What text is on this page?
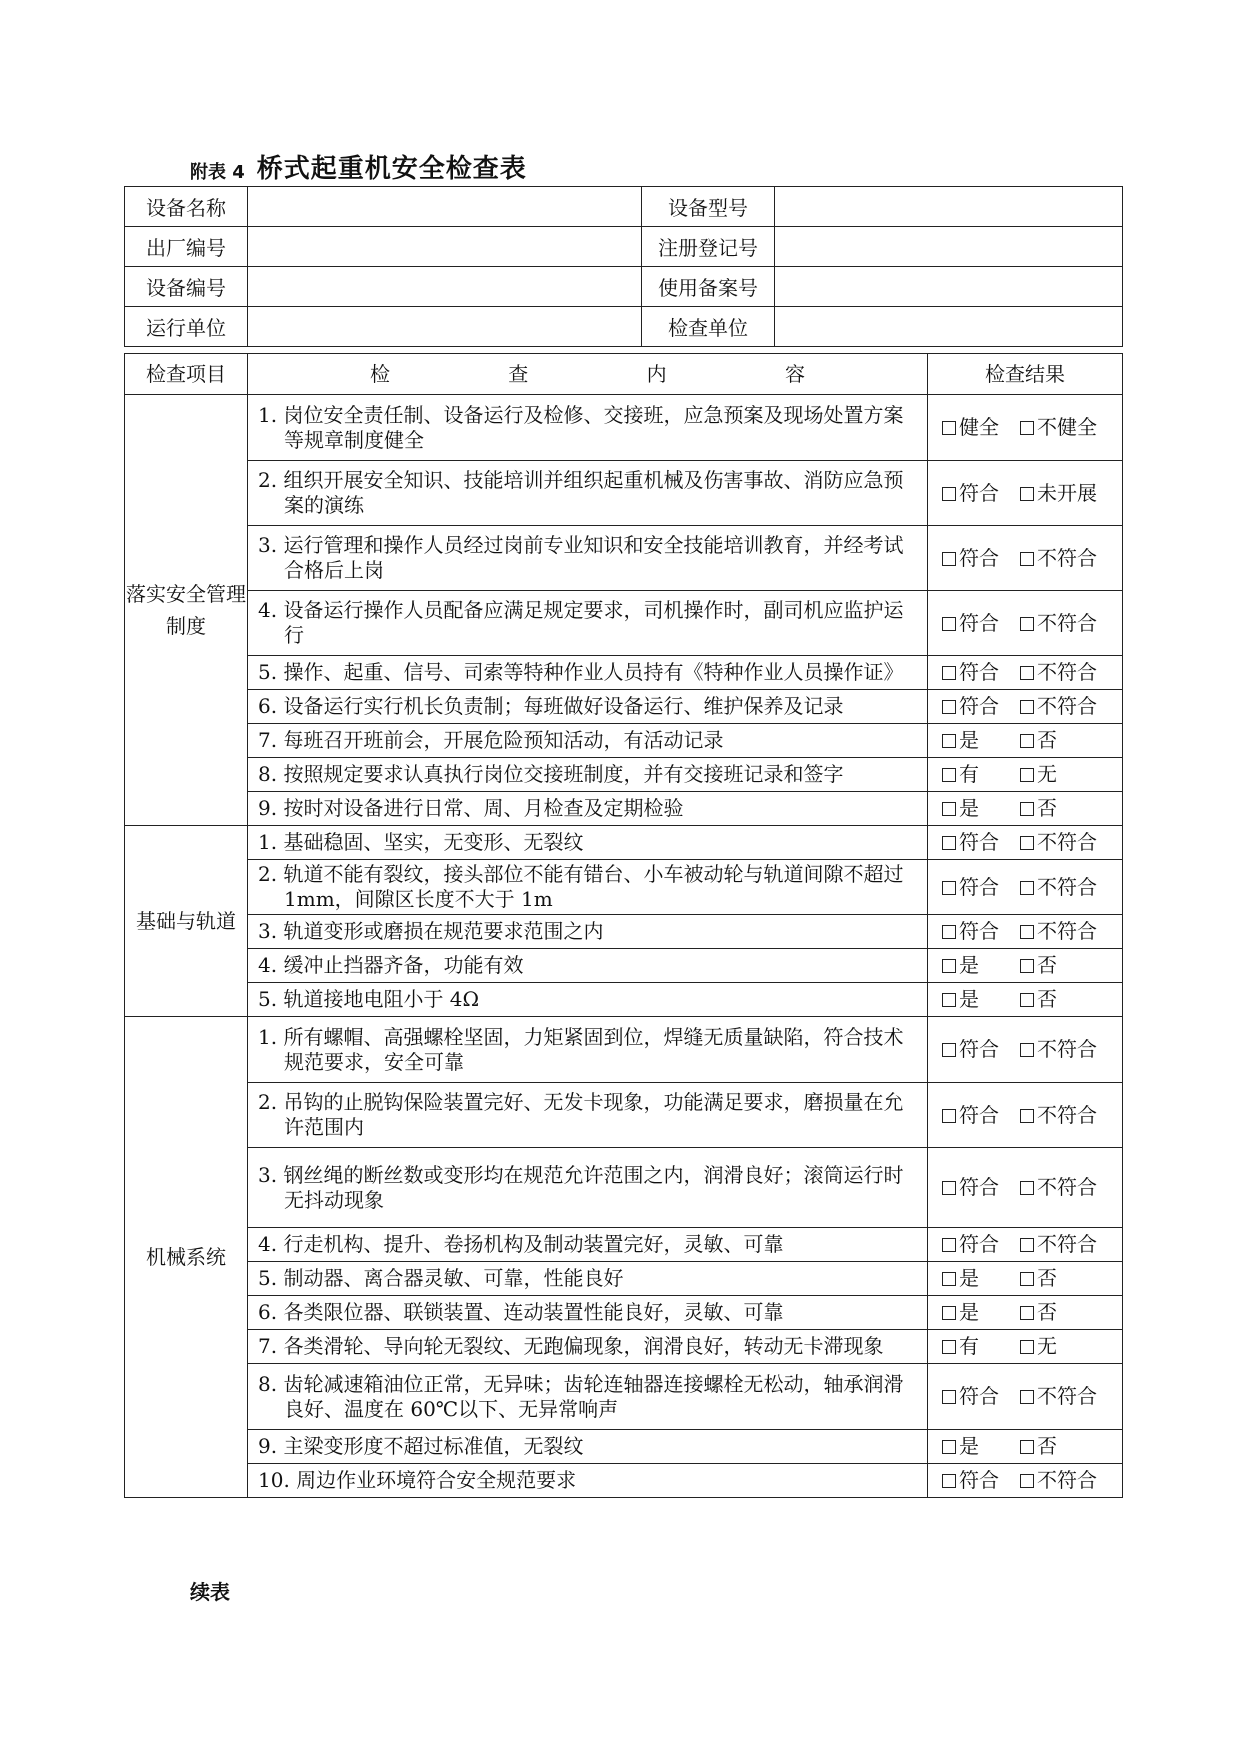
附表 4 桥式起重机安全检查表
设备名称		设备型号	
出厂编号		注册登记号	
设备编号		使用备案号	
运行单位		检查单位	
检查项目	检 查 内 容	检查结果
落实安全管理制度	1. 岗位安全责任制、设备运行及检修、交接班，应急预案及现场处置方案等规章制度健全	健全 不健全

	2. 组织开展安全知识、技能培训并组织起重机械及伤害事故、消防应急预案的演练	符合 未开展

	3. 运行管理和操作人员经过岗前专业知识和安全技能培训教育，并经考试合格后上岗	符合 不符合

	4. 设备运行操作人员配备应满足规定要求，司机操作时，副司机应监护运行	符合 不符合

	5. 操作、起重、信号、司索等特种作业人员持有《特种作业人员操作证》	符合 不符合

	6. 设备运行实行机长负责制；每班做好设备运行、维护保养及记录	符合 不符合

	7. 每班召开班前会，开展危险预知活动，有活动记录	是 否

	8. 按照规定要求认真执行岗位交接班制度，并有交接班记录和签字	有 无

	9. 按时对设备进行日常、周、月检查及定期检验	是 否
基础与轨道	1. 基础稳固、坚实，无变形、无裂纹	符合 不符合

	2. 轨道不能有裂纹，接头部位不能有错台、小车被动轮与轨道间隙不超过 1mm，间隙区长度不大于 1m	符合 不符合

	3. 轨道变形或磨损在规范要求范围之内	符合 不符合

	4. 缓冲止挡器齐备，功能有效	是 否

	5. 轨道接地电阻小于 4Ω	是 否
机械系统	1. 所有螺帽、高强螺栓坚固，力矩紧固到位，焊缝无质量缺陷，符合技术规范要求，安全可靠	符合 不符合

	2. 吊钩的止脱钩保险装置完好、无发卡现象，功能满足要求，磨损量在允许范围内	符合 不符合

	3. 钢丝绳的断丝数或变形均在规范允许范围之内，润滑良好；滚筒运行时无抖动现象	符合 不符合

	4. 行走机构、提升、卷扬机构及制动装置完好，灵敏、可靠	符合 不符合

	5. 制动器、离合器灵敏、可靠，性能良好	是 否

	6. 各类限位器、联锁装置、连动装置性能良好，灵敏、可靠	是 否

	7. 各类滑轮、导向轮无裂纹、无跑偏现象，润滑良好，转动无卡滞现象	有 无

	8. 齿轮减速箱油位正常，无异味；齿轮连轴器连接螺栓无松动，轴承润滑良好、温度在 60℃以下、无异常响声	符合 不符合

	9. 主梁变形度不超过标准值，无裂纹	是 否

	10. 周边作业环境符合安全规范要求	符合 不符合
续表
